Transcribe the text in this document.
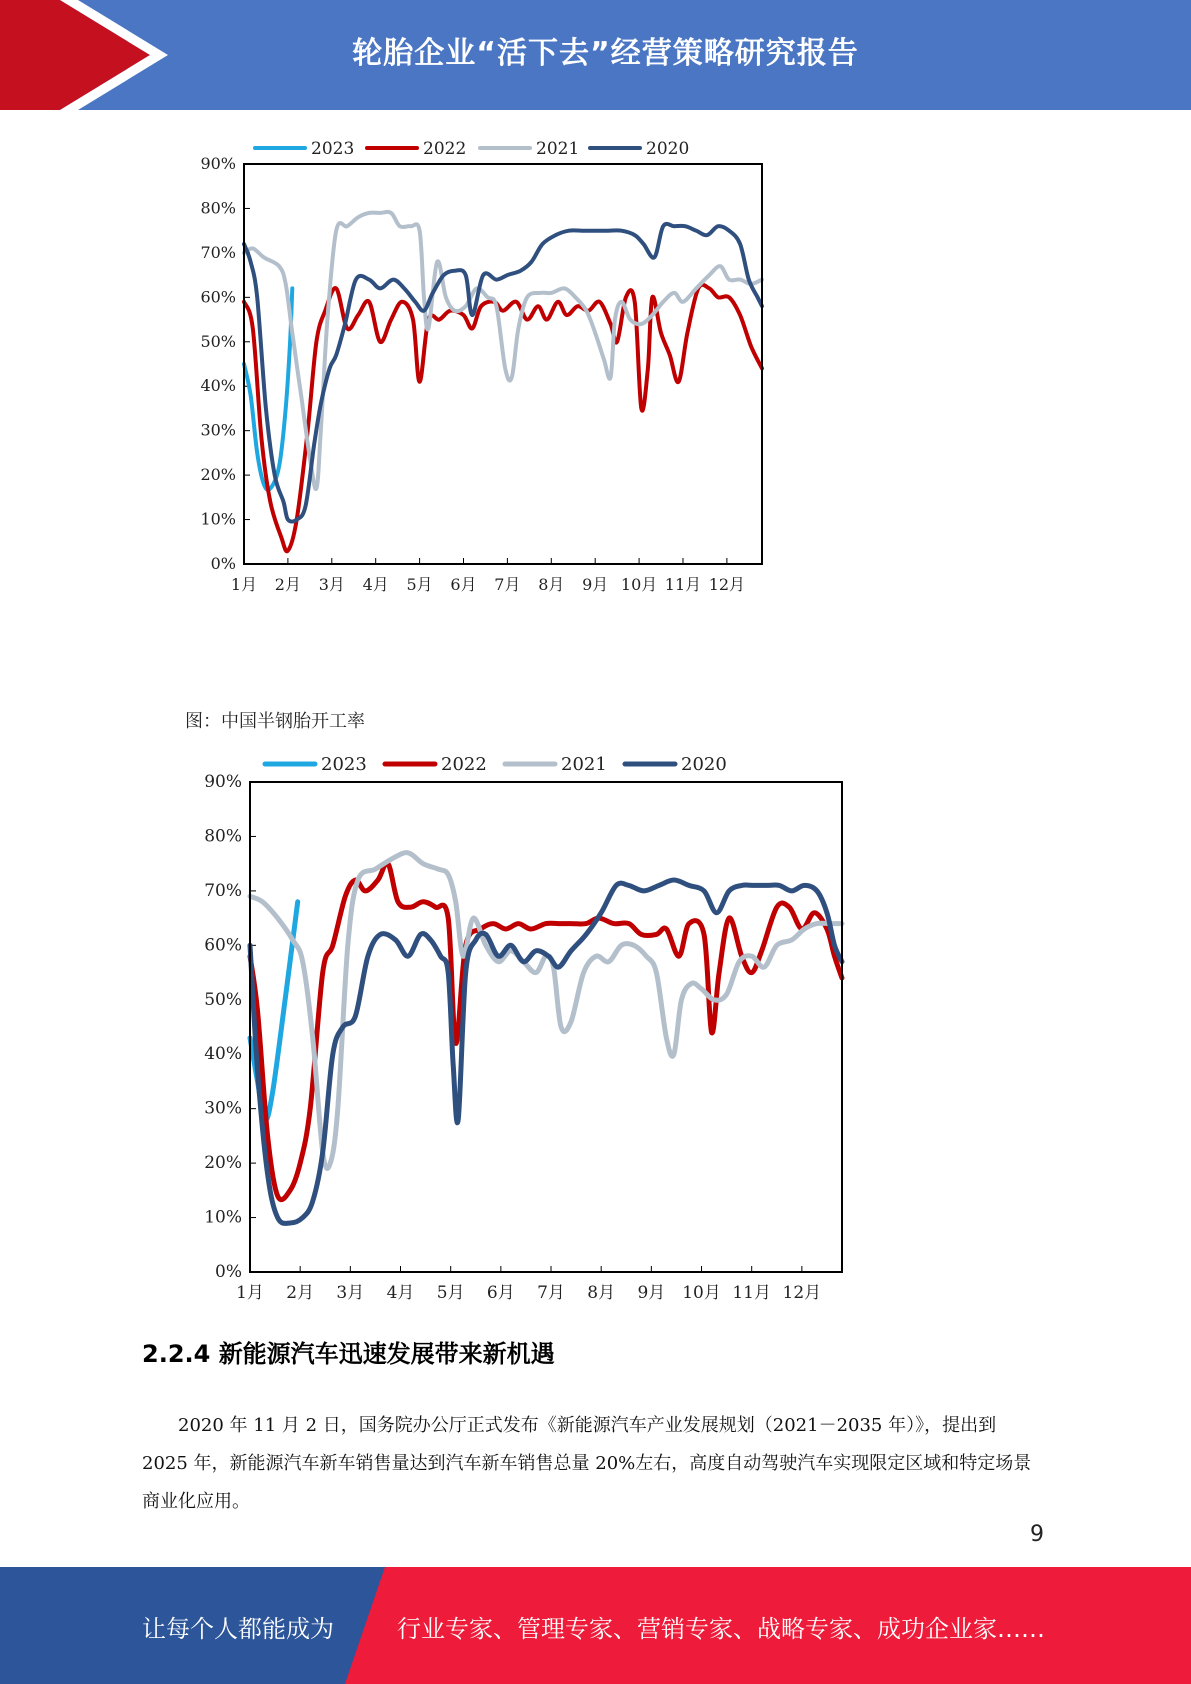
轮胎企业“活下去”经营策略研究报告
2023	2022	2021	2020
0%
10%
20%
30%
40%
50%
60%
70%
80%
90%
1月 2月 3月 4月 5月 6月 7月 8月 9月 10月 11月 12月
图：中国半钢胎开工率
2023	2022	2021	2020
0%
10%
20%
30%
40%
50%
60%
70%
80%
90%
1月 2月 3月 4月 5月 6月 7月 8月 9月 10月 11月 12月
2.2.4 新能源汽车迅速发展带来新机遇

2020 年 11 月 2 日，国务院办公厅正式发布《新能源汽车产业发展规划（2021－2035 年）》，提出到 2025 年，新能源汽车新车销售量达到汽车新车销售总量 20%左右，高度自动驾驶汽车实现限定区域和特定场景商业化应用。

9
让每个人都能成为	行业专家、管理专家、营销专家、战略专家、成功企业家……
